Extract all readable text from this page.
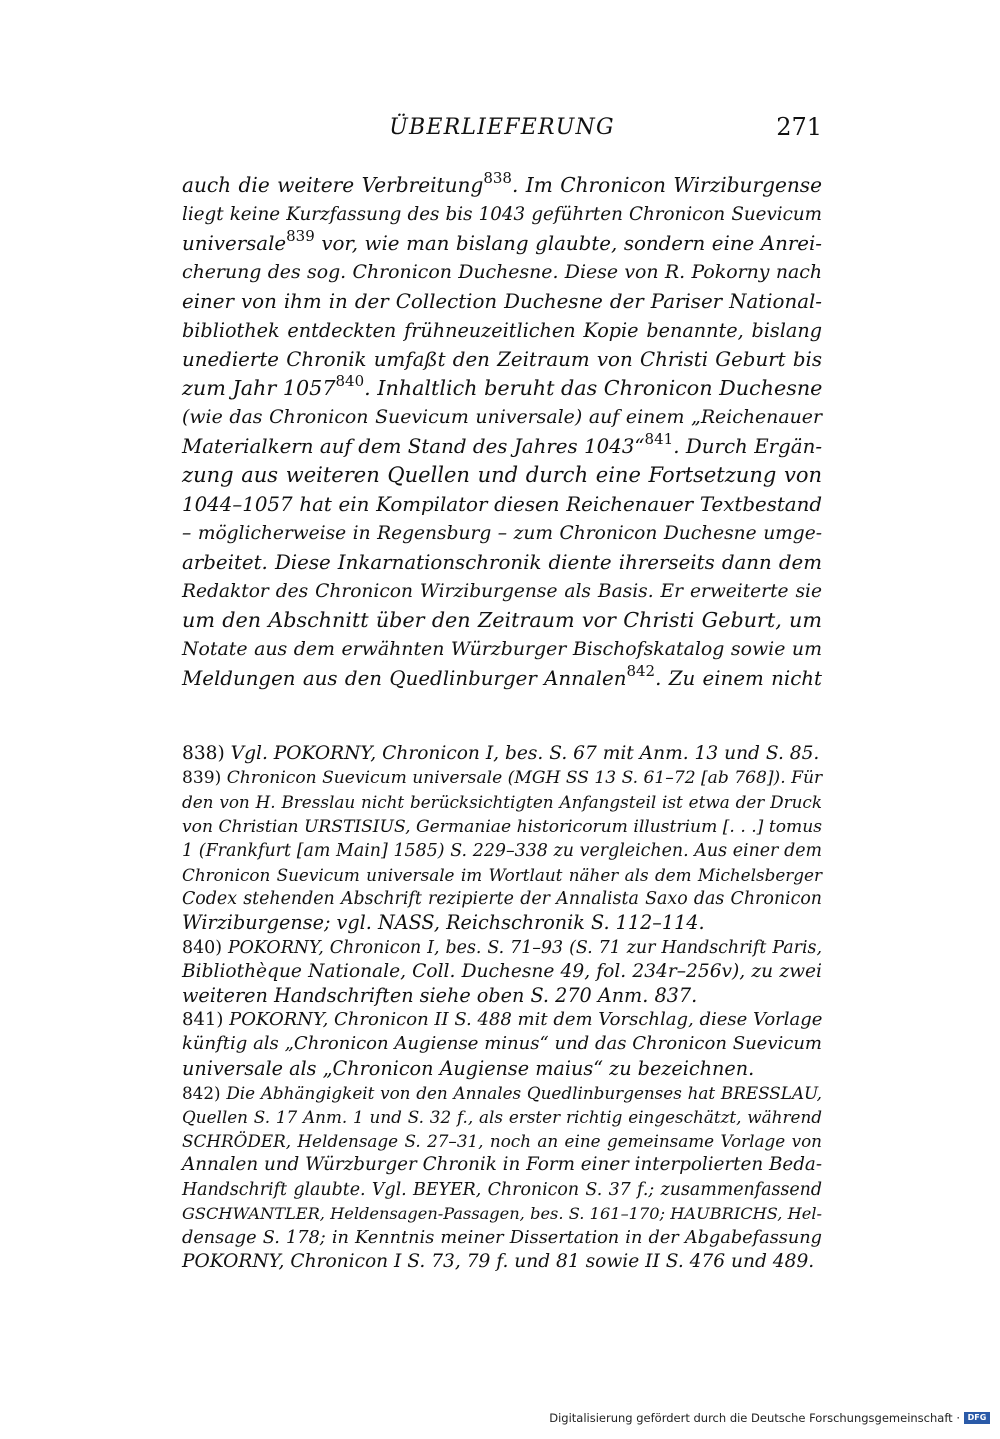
ÜBERLIEFERUNG	271
auch die weitere Verbreitung$^{838}$. Im Chronicon Wirziburgense
liegt keine Kurzfassung des bis 1043 geführten Chronicon Suevicum
universale$^{839}$ vor, wie man bislang glaubte, sondern eine Anrei-
cherung des sog. Chronicon Duchesne. Diese von R. Pokorny nach
einer von ihm in der Collection Duchesne der Pariser National-
bibliothek entdeckten frühneuzeitlichen Kopie benannte, bislang
unedierte Chronik umfaßt den Zeitraum von Christi Geburt bis
zum Jahr 1057$^{840}$. Inhaltlich beruht das Chronicon Duchesne
(wie das Chronicon Suevicum universale) auf einem „Reichenauer
Materialkern auf dem Stand des Jahres 1043“$^{841}$. Durch Ergän-
zung aus weiteren Quellen und durch eine Fortsetzung von
1044–1057 hat ein Kompilator diesen Reichenauer Textbestand
– möglicherweise in Regensburg – zum Chronicon Duchesne umge-
arbeitet. Diese Inkarnationschronik diente ihrerseits dann dem
Redaktor des Chronicon Wirziburgense als Basis. Er erweiterte sie
um den Abschnitt über den Zeitraum vor Christi Geburt, um
Notate aus dem erwähnten Würzburger Bischofskatalog sowie um
Meldungen aus den Quedlinburger Annalen$^{842}$. Zu einem nicht
838) Vgl. POKORNY, Chronicon I, bes. S. 67 mit Anm. 13 und S. 85.
839) Chronicon Suevicum universale (MGH SS 13 S. 61–72 [ab 768]). Für
den von H. Bresslau nicht berücksichtigten Anfangsteil ist etwa der Druck
von Christian URSTISIUS, Germaniae historicorum illustrium [. . .] tomus
1 (Frankfurt [am Main] 1585) S. 229–338 zu vergleichen. Aus einer dem
Chronicon Suevicum universale im Wortlaut näher als dem Michelsberger
Codex stehenden Abschrift rezipierte der Annalista Saxo das Chronicon
Wirziburgense; vgl. NASS, Reichschronik S. 112–114.
840) POKORNY, Chronicon I, bes. S. 71–93 (S. 71 zur Handschrift Paris,
Bibliothèque Nationale, Coll. Duchesne 49, fol. 234r–256v), zu zwei
weiteren Handschriften siehe oben S. 270 Anm. 837.
841) POKORNY, Chronicon II S. 488 mit dem Vorschlag, diese Vorlage
künftig als „Chronicon Augiense minus“ und das Chronicon Suevicum
universale als „Chronicon Augiense maius“ zu bezeichnen.
842) Die Abhängigkeit von den Annales Quedlinburgenses hat BRESSLAU,
Quellen S. 17 Anm. 1 und S. 32 f., als erster richtig eingeschätzt, während
SCHRÖDER, Heldensage S. 27–31, noch an eine gemeinsame Vorlage von
Annalen und Würzburger Chronik in Form einer interpolierten Beda-
Handschrift glaubte. Vgl. BEYER, Chronicon S. 37 f.; zusammenfassend
GSCHWANTLER, Heldensagen-Passagen, bes. S. 161–170; HAUBRICHS, Hel-
densage S. 178; in Kenntnis meiner Dissertation in der Abgabefassung
POKORNY, Chronicon I S. 73, 79 f. und 81 sowie II S. 476 und 489.
Digitalisierung gefördert durch die Deutsche Forschungsgemeinschaft · DFG
